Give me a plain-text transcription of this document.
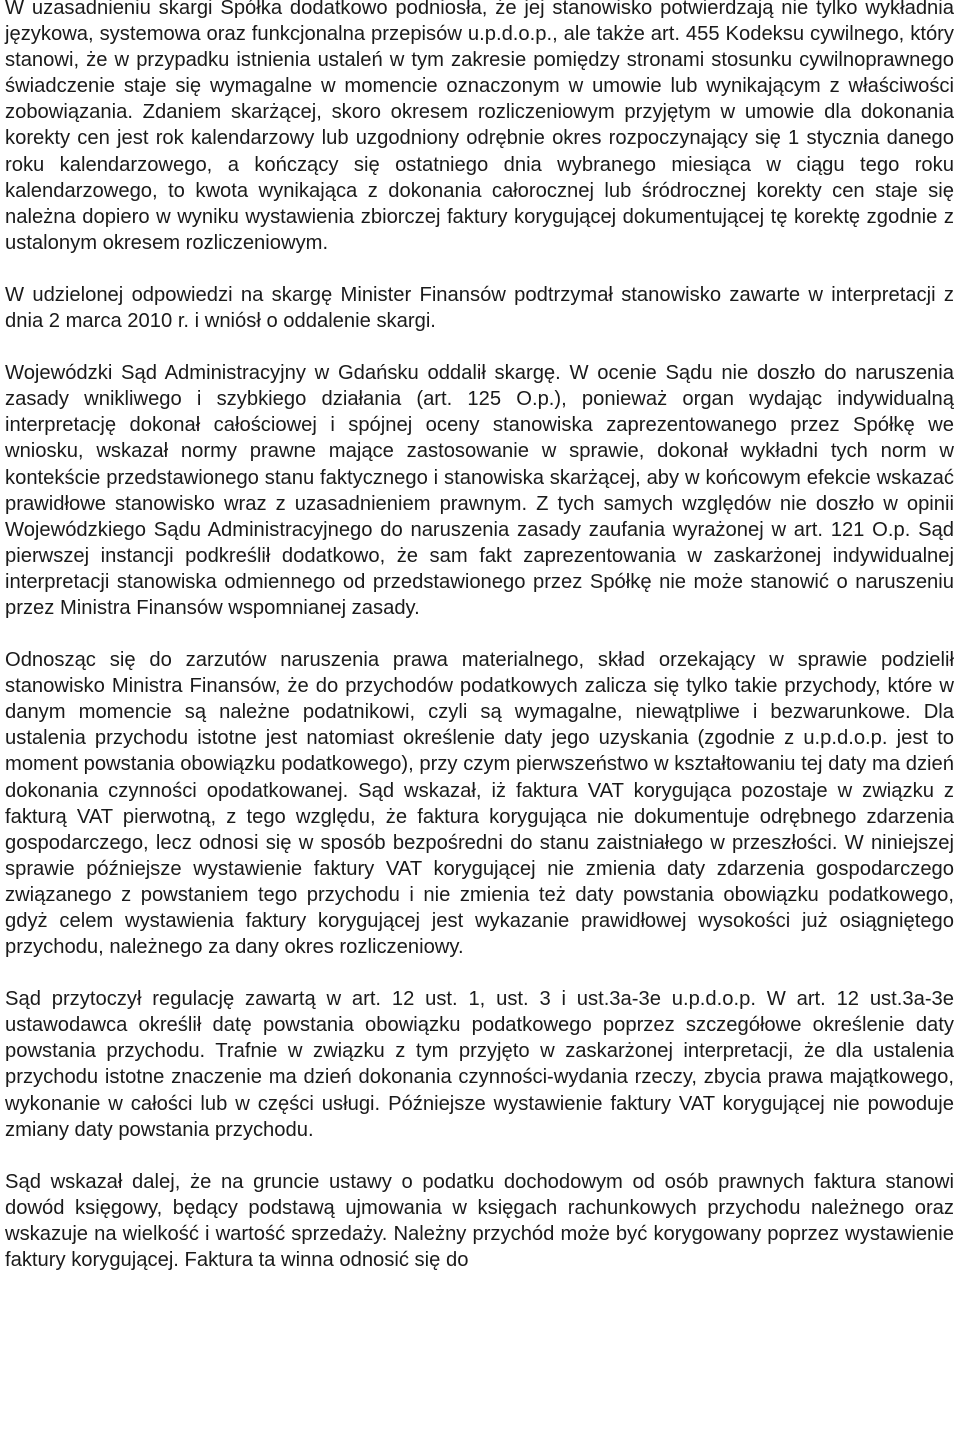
W uzasadnieniu skargi Spółka dodatkowo podniosła, że jej stanowisko potwierdzają nie tylko wykładnia językowa, systemowa oraz funkcjonalna przepisów u.p.d.o.p., ale także art. 455 Kodeksu cywilnego, który stanowi, że w przypadku istnienia ustaleń w tym zakresie pomiędzy stronami stosunku cywilnoprawnego świadczenie staje się wymagalne w momencie oznaczonym w umowie lub wynikającym z właściwości zobowiązania. Zdaniem skarżącej, skoro okresem rozliczeniowym przyjętym w umowie dla dokonania korekty cen jest rok kalendarzowy lub uzgodniony odrębnie okres rozpoczynający się 1 stycznia danego roku kalendarzowego, a kończący się ostatniego dnia wybranego miesiąca w ciągu tego roku kalendarzowego, to kwota wynikająca z dokonania całorocznej lub śródrocznej korekty cen staje się należna dopiero w wyniku wystawienia zbiorczej faktury korygującej dokumentującej tę korektę zgodnie z ustalonym okresem rozliczeniowym.

W udzielonej odpowiedzi na skargę Minister Finansów podtrzymał stanowisko zawarte w interpretacji z dnia 2 marca 2010 r. i wniósł o oddalenie skargi.

Wojewódzki Sąd Administracyjny w Gdańsku oddalił skargę. W ocenie Sądu nie doszło do naruszenia zasady wnikliwego i szybkiego działania (art. 125 O.p.), ponieważ organ wydając indywidualną interpretację dokonał całościowej i spójnej oceny stanowiska zaprezentowanego przez Spółkę we wniosku, wskazał normy prawne mające zastosowanie w sprawie, dokonał wykładni tych norm w kontekście przedstawionego stanu faktycznego i stanowiska skarżącej, aby w końcowym efekcie wskazać prawidłowe stanowisko wraz z uzasadnieniem prawnym. Z tych samych względów nie doszło w opinii Wojewódzkiego Sądu Administracyjnego do naruszenia zasady zaufania wyrażonej w art. 121 O.p. Sąd pierwszej instancji podkreślił dodatkowo, że sam fakt zaprezentowania w zaskarżonej indywidualnej interpretacji stanowiska odmiennego od przedstawionego przez Spółkę nie może stanowić o naruszeniu przez Ministra Finansów wspomnianej zasady.

Odnosząc się do zarzutów naruszenia prawa materialnego, skład orzekający w sprawie podzielił stanowisko Ministra Finansów, że do przychodów podatkowych zalicza się tylko takie przychody, które w danym momencie są należne podatnikowi, czyli są wymagalne, niewątpliwe i bezwarunkowe. Dla ustalenia przychodu istotne jest natomiast określenie daty jego uzyskania (zgodnie z u.p.d.o.p. jest to moment powstania obowiązku podatkowego), przy czym pierwszeństwo w kształtowaniu tej daty ma dzień dokonania czynności opodatkowanej. Sąd wskazał, iż faktura VAT korygująca pozostaje w związku z fakturą VAT pierwotną, z tego względu, że faktura korygująca nie dokumentuje odrębnego zdarzenia gospodarczego, lecz odnosi się w sposób bezpośredni do stanu zaistniałego w przeszłości. W niniejszej sprawie późniejsze wystawienie faktury VAT korygującej nie zmienia daty zdarzenia gospodarczego związanego z powstaniem tego przychodu i nie zmienia też daty powstania obowiązku podatkowego, gdyż celem wystawienia faktury korygującej jest wykazanie prawidłowej wysokości już osiągniętego przychodu, należnego za dany okres rozliczeniowy.

Sąd przytoczył regulację zawartą w art. 12 ust. 1, ust. 3 i ust.3a-3e u.p.d.o.p. W art. 12 ust.3a-3e ustawodawca określił datę powstania obowiązku podatkowego poprzez szczegółowe określenie daty powstania przychodu. Trafnie w związku z tym przyjęto w zaskarżonej interpretacji, że dla ustalenia przychodu istotne znaczenie ma dzień dokonania czynności-wydania rzeczy, zbycia prawa majątkowego, wykonanie w całości lub w części usługi. Późniejsze wystawienie faktury VAT korygującej nie powoduje zmiany daty powstania przychodu.

Sąd wskazał dalej, że na gruncie ustawy o podatku dochodowym od osób prawnych faktura stanowi dowód księgowy, będący podstawą ujmowania w księgach rachunkowych przychodu należnego oraz wskazuje na wielkość i wartość sprzedaży. Należny przychód może być korygowany poprzez wystawienie faktury korygującej. Faktura ta winna odnosić się do
